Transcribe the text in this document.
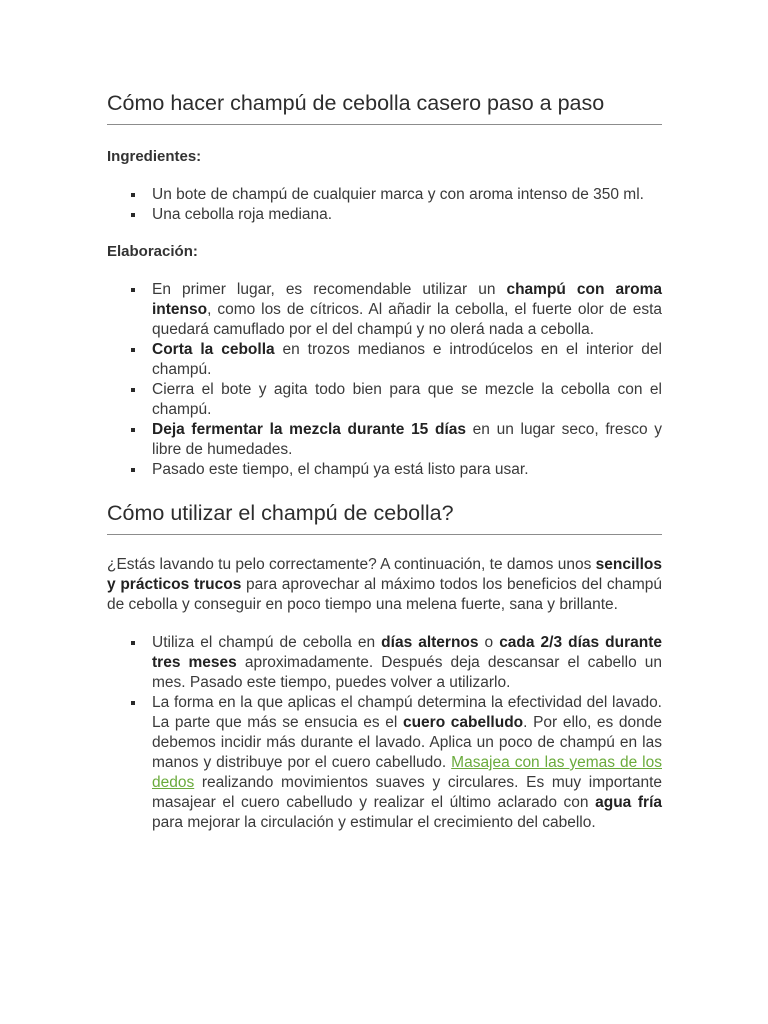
Cómo hacer champú de cebolla casero paso a paso
Ingredientes:
Un bote de champú de cualquier marca y con aroma intenso de 350 ml.
Una cebolla roja mediana.
Elaboración:
En primer lugar, es recomendable utilizar un champú con aroma intenso, como los de cítricos. Al añadir la cebolla, el fuerte olor de esta quedará camuflado por el del champú y no olerá nada a cebolla.
Corta la cebolla en trozos medianos e introdúcelos en el interior del champú.
Cierra el bote y agita todo bien para que se mezcle la cebolla con el champú.
Deja fermentar la mezcla durante 15 días en un lugar seco, fresco y libre de humedades.
Pasado este tiempo, el champú ya está listo para usar.
Cómo utilizar el champú de cebolla?

¿Estás lavando tu pelo correctamente? A continuación, te damos unos sencillos y prácticos trucos para aprovechar al máximo todos los beneficios del champú de cebolla y conseguir en poco tiempo una melena fuerte, sana y brillante.

Utiliza el champú de cebolla en días alternos o cada 2/3 días durante tres meses aproximadamente. Después deja descansar el cabello un mes. Pasado este tiempo, puedes volver a utilizarlo.
La forma en la que aplicas el champú determina la efectividad del lavado. La parte que más se ensucia es el cuero cabelludo. Por ello, es donde debemos incidir más durante el lavado. Aplica un poco de champú en las manos y distribuye por el cuero cabelludo. Masajea con las yemas de los dedos realizando movimientos suaves y circulares. Es muy importante masajear el cuero cabelludo y realizar el último aclarado con agua fría para mejorar la circulación y estimular el crecimiento del cabello.
